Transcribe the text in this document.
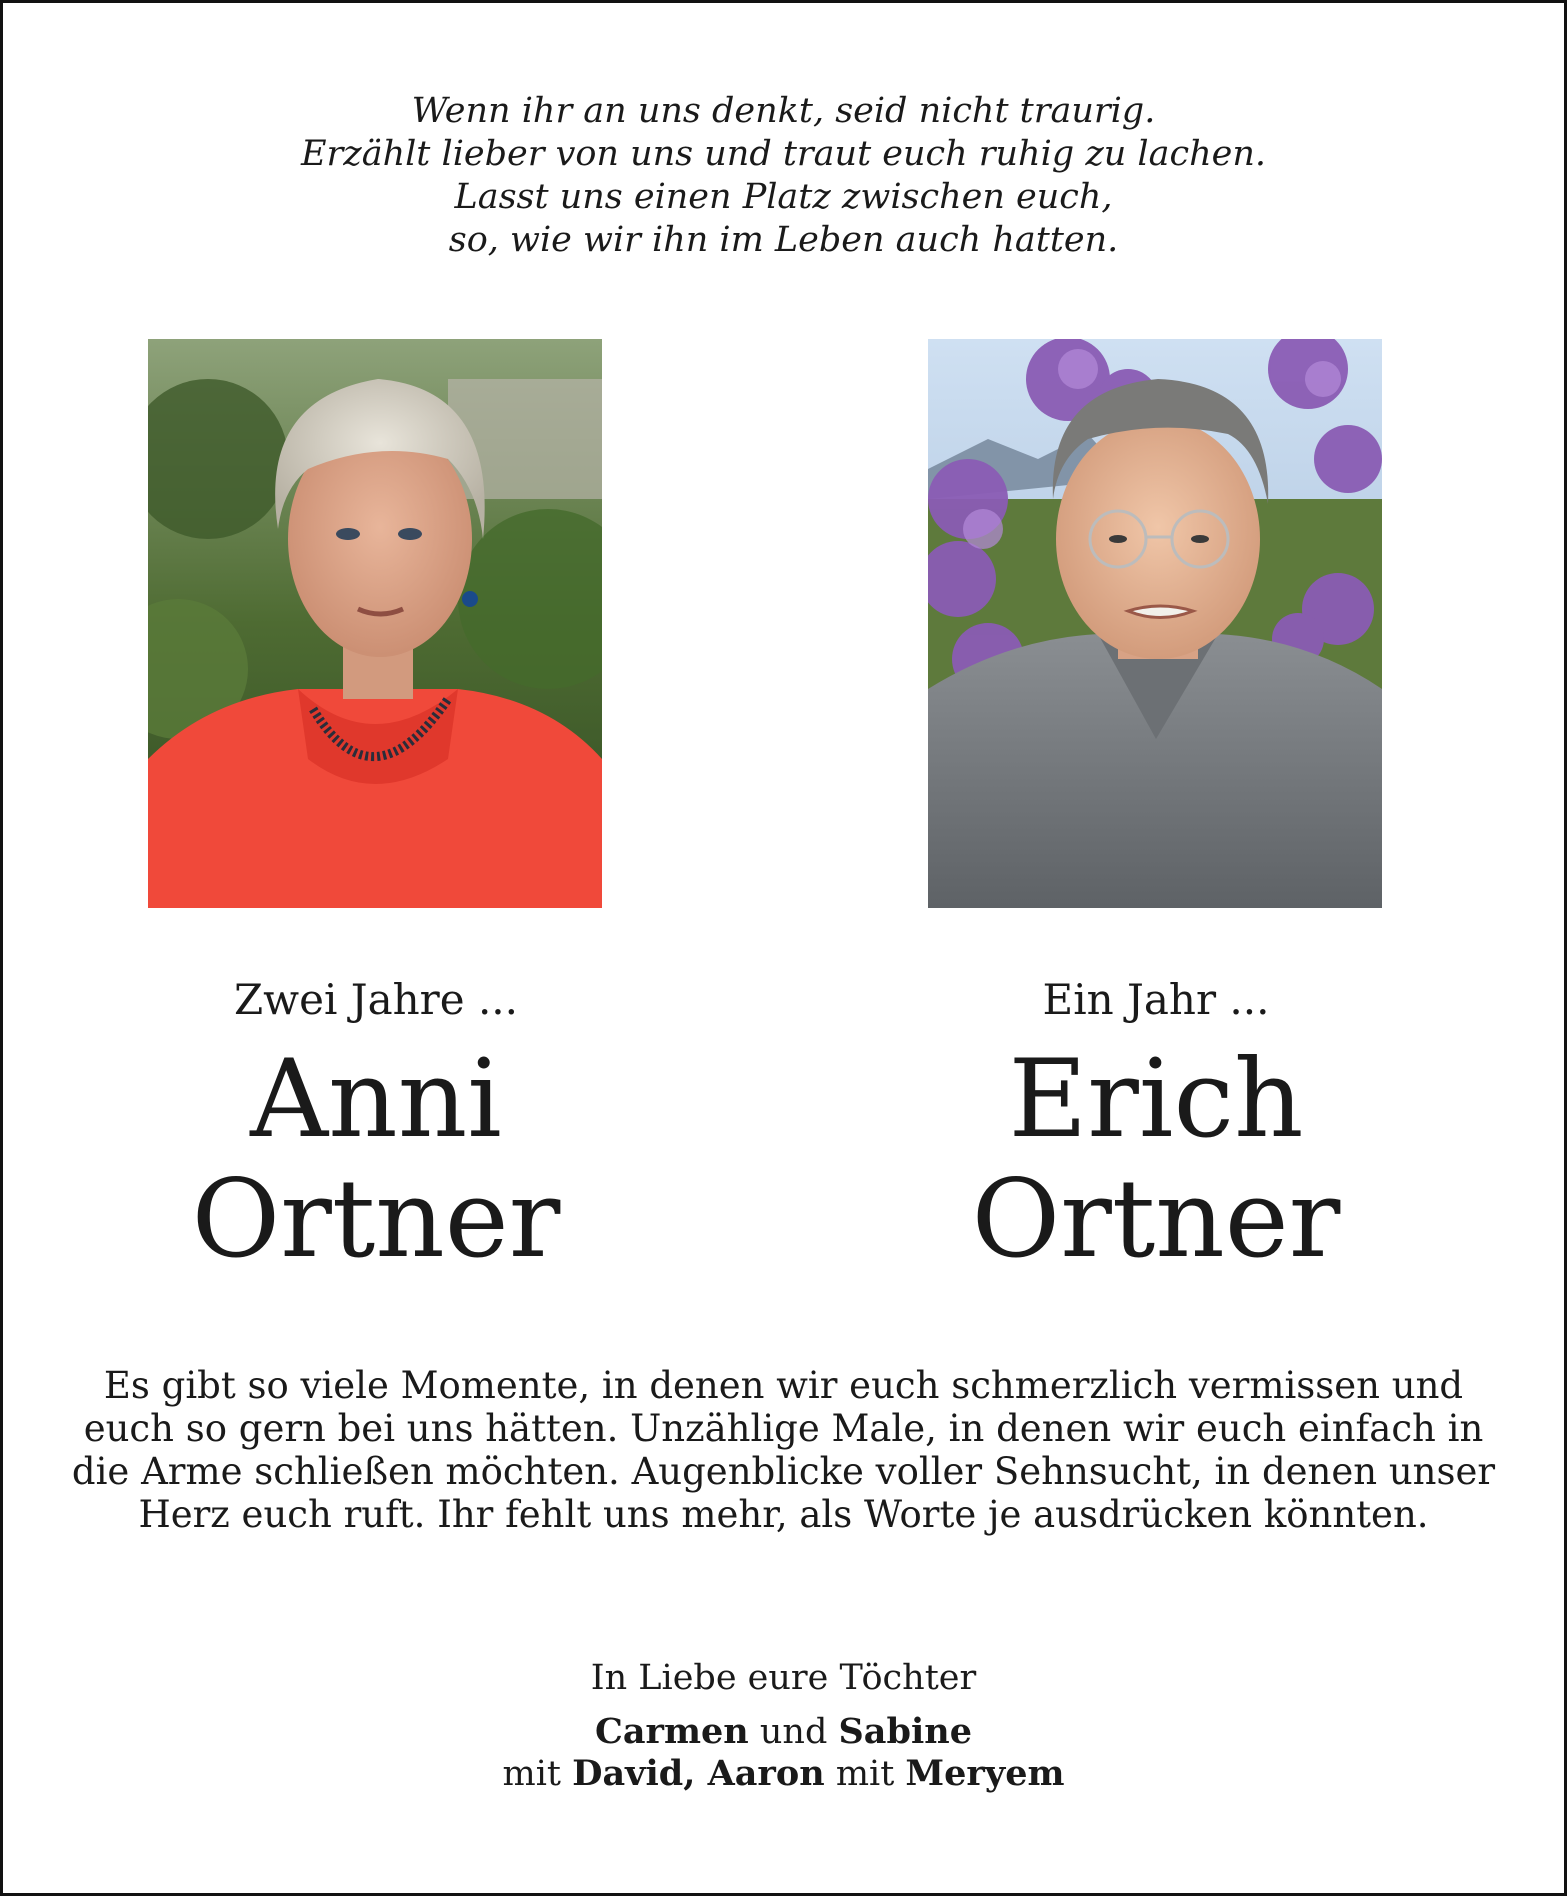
Wenn ihr an uns denkt, seid nicht traurig.
Erzählt lieber von uns und traut euch ruhig zu lachen.
Lasst uns einen Platz zwischen euch,
so, wie wir ihn im Leben auch hatten.
Zwei Jahre ...
Anni
Ortner
Ein Jahr ...
Erich
Ortner
Es gibt so viele Momente, in denen wir euch schmerzlich vermissen und
euch so gern bei uns hätten. Unzählige Male, in denen wir euch einfach in
die Arme schließen möchten. Augenblicke voller Sehnsucht, in denen unser
Herz euch ruft. Ihr fehlt uns mehr, als Worte je ausdrücken könnten.
In Liebe eure Töchter
Carmen und Sabine
mit David, Aaron mit Meryem
